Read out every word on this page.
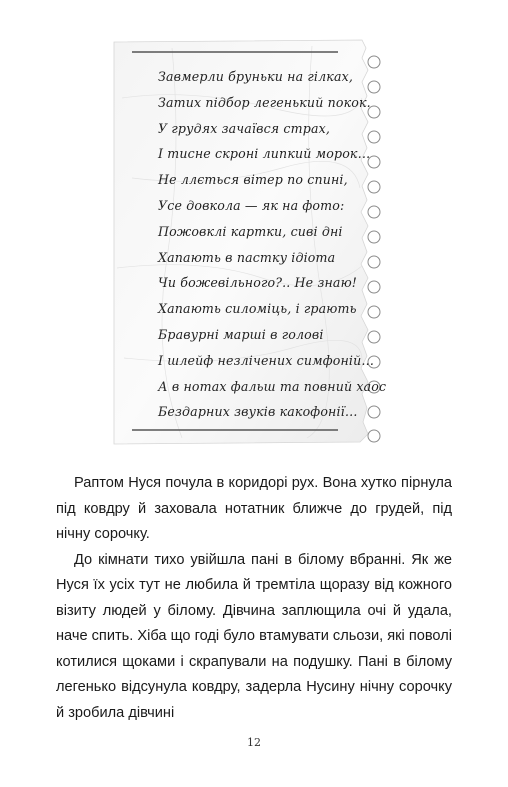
Завмерли бруньки на гілках,
Затих підбор легенький покок.
У грудях зачаївся страх,
І тисне скроні липкий морок…
Не ллється вітер по спині,
Усе довкола — як на фото:
Пожовклі картки, сиві дні
Хапають в пастку ідіота
Чи божевільного?.. Не знаю!
Хапають силоміць, і грають
Бравурні марші в голові
І шлейф незлічених симфоній…
А в нотах фальш та повний хаос
Бездарних звуків какофонії…

Раптом Нуся почула в коридорі рух. Вона хутко пірнула під ковдру й заховала нотатник ближче до грудей, під нічну сорочку.

До кімнати тихо увійшла пані в білому вбранні. Як же Нуся їх усіх тут не любила й тремтіла щоразу від кожного візиту людей у білому. Дівчина заплющила очі й удала, наче спить. Хіба що годі було втамувати сльози, які поволі котилися щоками і скрапували на подушку. Пані в білому легенько відсунула ковдру, задерла Нусину нічну сорочку й зробила дівчині

12
